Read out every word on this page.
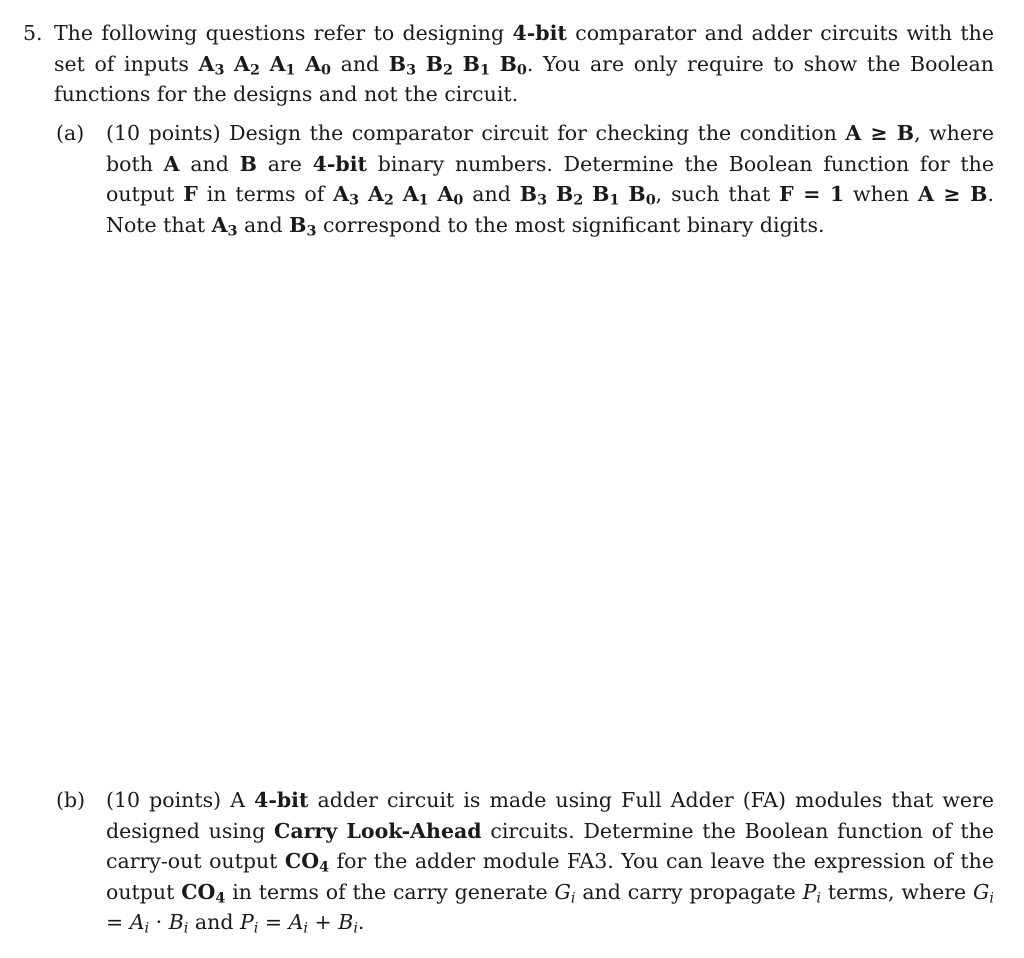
5. The following questions refer to designing 4-bit comparator and adder circuits with the set of inputs $A_3$ $A_2$ $A_1$ $A_0$ and $B_3$ $B_2$ $B_1$ $B_0$. You are only require to show the Boolean functions for the designs and not the circuit.
(a) (10 points) Design the comparator circuit for checking the condition A ≥ B, where both A and B are 4-bit binary numbers. Determine the Boolean function for the output F in terms of $A_3$ $A_2$ $A_1$ $A_0$ and $B_3$ $B_2$ $B_1$ $B_0$, such that F = 1 when A ≥ B. Note that $A_3$ and $B_3$ correspond to the most significant binary digits.
(b) (10 points) A 4-bit adder circuit is made using Full Adder (FA) modules that were designed using Carry Look-Ahead circuits. Determine the Boolean function of the carry-out output $CO_4$ for the adder module FA3. You can leave the expression of the output $CO_4$ in terms of the carry generate $G_i$ and carry propagate $P_i$ terms, where $G_i = A_i \cdot B_i$ and $P_i = A_i + B_i$.
